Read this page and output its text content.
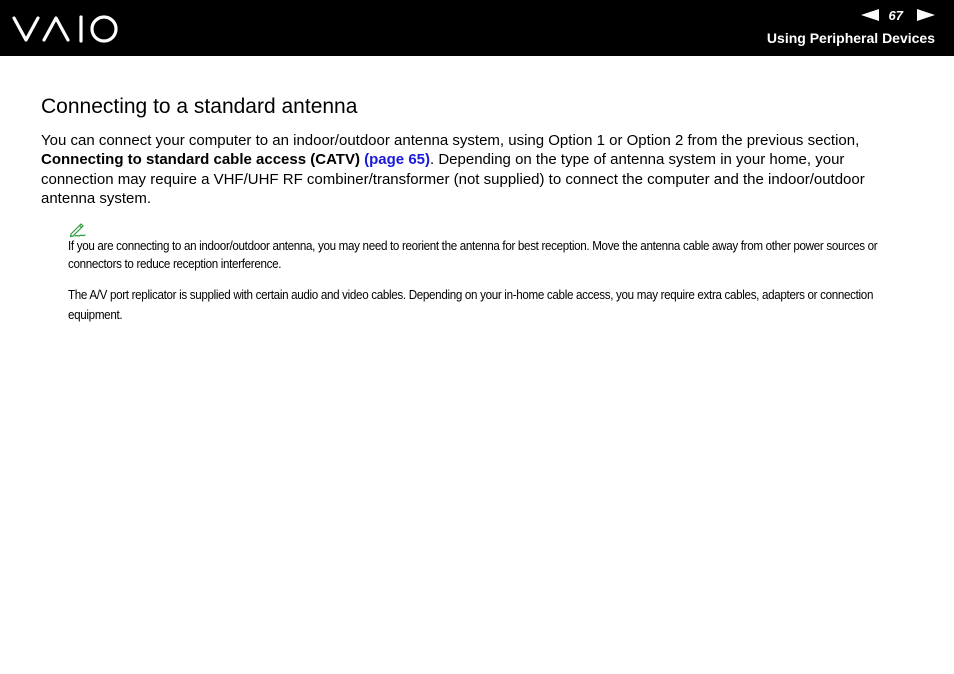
67
Using Peripheral Devices
Connecting to a standard antenna

You can connect your computer to an indoor/outdoor antenna system, using Option 1 or Option 2 from the previous section, Connecting to standard cable access (CATV) (page 65). Depending on the type of antenna system in your home, your connection may require a VHF/UHF RF combiner/transformer (not supplied) to connect the computer and the indoor/outdoor antenna system.

If you are connecting to an indoor/outdoor antenna, you may need to reorient the antenna for best reception. Move the antenna cable away from other power sources or connectors to reduce reception interference.

The A/V port replicator is supplied with certain audio and video cables. Depending on your in-home cable access, you may require extra cables, adapters or connection equipment.
